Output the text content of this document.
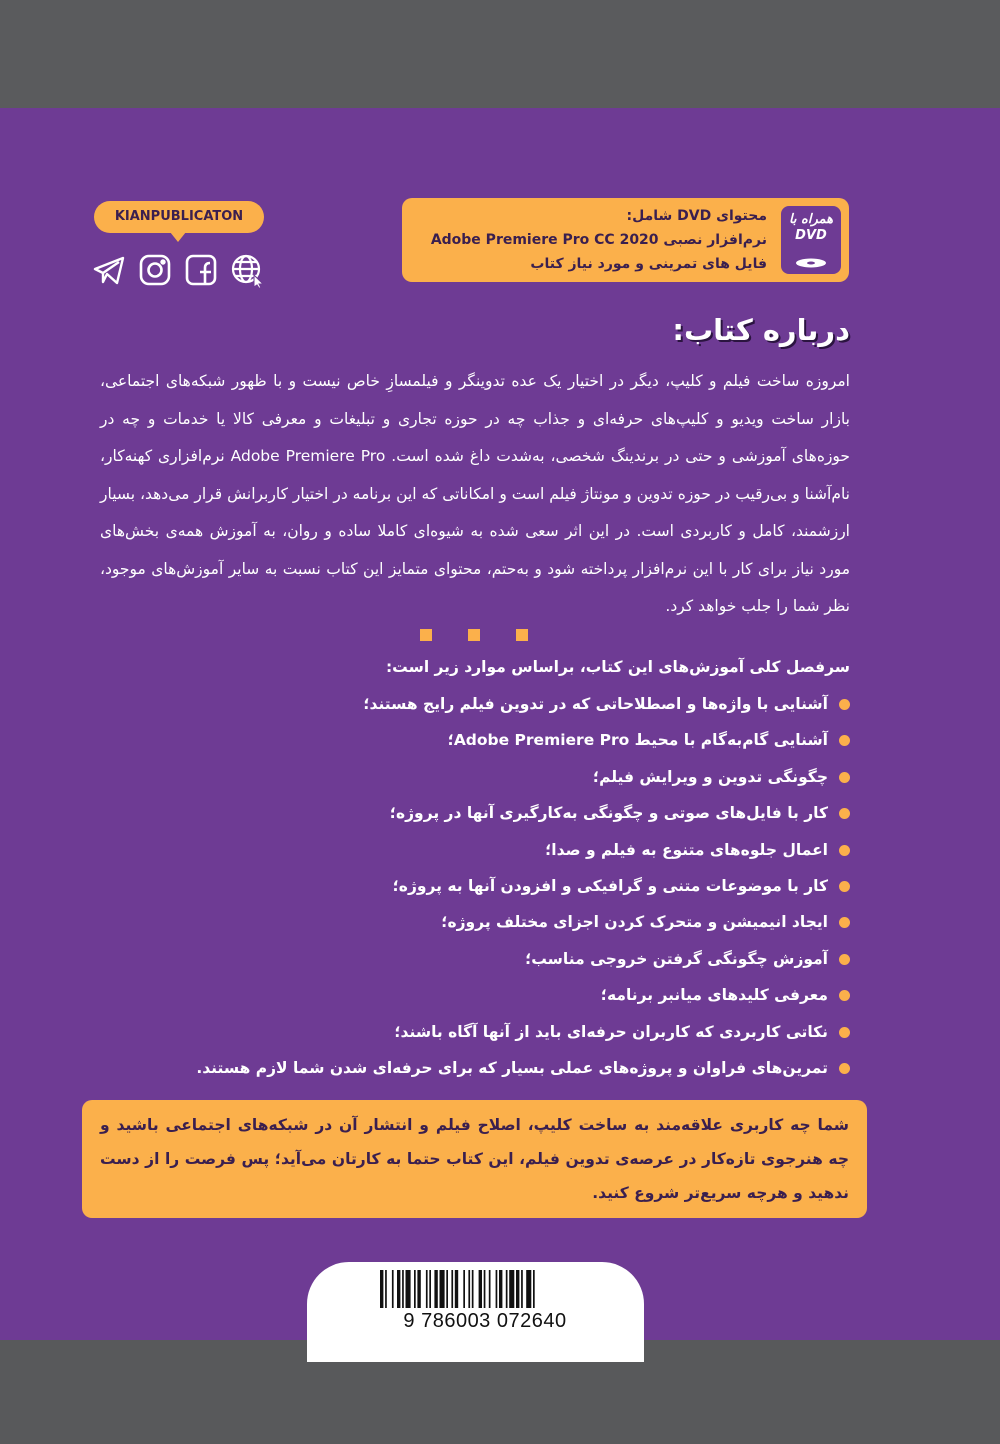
همراه با
DVD
محتوای DVD شامل:
نرم‌افزار نصبی Adobe Premiere Pro CC 2020
فایل های تمرینی و مورد نیاز کتاب
KIANPUBLICATON
درباره کتاب:
امروزه ساخت فیلم و کلیپ، دیگر در اختیار یک عده تدوینگر و فیلمسازِ خاص نیست و با ظهور شبکه‌های اجتماعی، بازار ساخت ویدیو و کلیپ‌های حرفه‌ای و جذاب چه در حوزه تجاری و تبلیغات و معرفی کالا یا خدمات و چه در حوزه‌های آموزشی و حتی در برندینگ شخصی، به‌شدت داغ شده است. Adobe Premiere Pro نرم‌افزاری کهنه‌کار، نام‌آشنا و بی‌رقیب در حوزه تدوین و مونتاژ فیلم است و امکاناتی که این برنامه در اختیار کاربرانش قرار می‌دهد، بسیار ارزشمند، کامل و کاربردی است. در این اثر سعی شده به شیوه‌ای کاملا ساده و روان، به آموزش همه‌ی بخش‌های مورد نیاز برای کار با این نرم‌افزار پرداخته شود و به‌حتم، محتوای متمایز این کتاب نسبت به سایر آموزش‌های موجود، نظر شما را جلب خواهد کرد.
سرفصل کلی آموزش‌های این کتاب، براساس موارد زیر است:
آشنایی با واژه‌ها و اصطلاحاتی که در تدوین فیلم رایج هستند؛
آشنایی گام‌به‌گام با محیط Adobe Premiere Pro؛
چگونگی تدوین و ویرایش فیلم؛
کار با فایل‌های صوتی و چگونگی به‌کارگیری آنها در پروژه؛
اعمال جلوه‌های متنوع به فیلم و صدا؛
کار با موضوعات متنی و گرافیکی و افزودن آنها به پروژه؛
ایجاد انیمیشن و متحرک کردن اجزای مختلف پروژه؛
آموزش چگونگی گرفتن خروجی مناسب؛
معرفی کلیدهای میانبر برنامه؛
نکاتی کاربردی که کاربران حرفه‌ای باید از آنها آگاه باشند؛
تمرین‌های فراوان و پروژه‌های عملی بسیار که برای حرفه‌ای شدن شما لازم هستند.
شما چه کاربری علاقه‌مند به ساخت کلیپ، اصلاح فیلم و انتشار آن در شبکه‌های اجتماعی باشید و چه هنرجوی تازه‌کار در عرصه‌ی تدوین فیلم، این کتاب حتما به کارتان می‌آید؛ پس فرصت را از دست ندهید و هرچه سریع‌تر شروع کنید.
9 786003 072640
WWW.KIANPUB.COM
